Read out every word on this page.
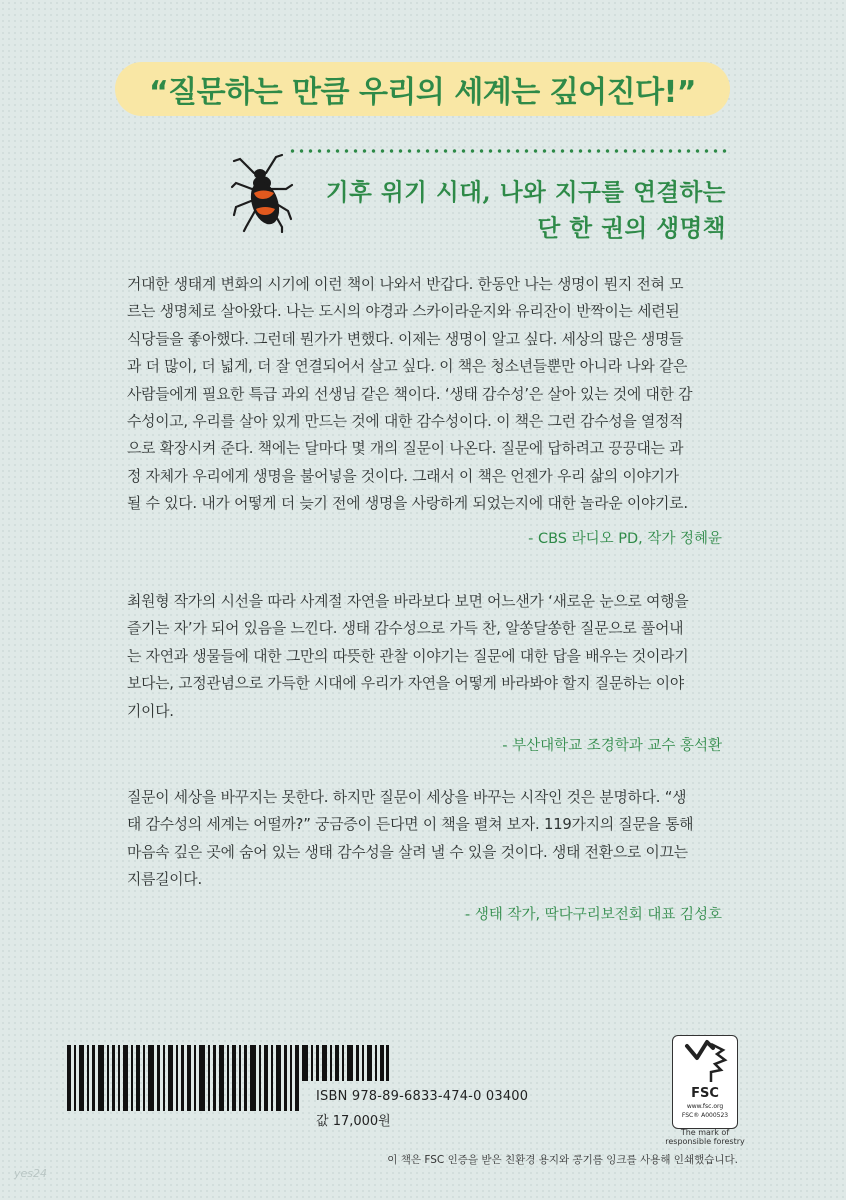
“질문하는 만큼 우리의 세계는 깊어진다!”
기후 위기 시대, 나와 지구를 연결하는
단 한 권의 생명책
거대한 생태계 변화의 시기에 이런 책이 나와서 반갑다. 한동안 나는 생명이 뭔지 전혀 모
르는 생명체로 살아왔다. 나는 도시의 야경과 스카이라운지와 유리잔이 반짝이는 세련된
식당들을 좋아했다. 그런데 뭔가가 변했다. 이제는 생명이 알고 싶다. 세상의 많은 생명들
과 더 많이, 더 넓게, 더 잘 연결되어서 살고 싶다. 이 책은 청소년들뿐만 아니라 나와 같은
사람들에게 필요한 특급 과외 선생님 같은 책이다. ‘생태 감수성’은 살아 있는 것에 대한 감
수성이고, 우리를 살아 있게 만드는 것에 대한 감수성이다. 이 책은 그런 감수성을 열정적
으로 확장시켜 준다. 책에는 달마다 몇 개의 질문이 나온다. 질문에 답하려고 끙끙대는 과
정 자체가 우리에게 생명을 불어넣을 것이다. 그래서 이 책은 언젠가 우리 삶의 이야기가
될 수 있다. 내가 어떻게 더 늦기 전에 생명을 사랑하게 되었는지에 대한 놀라운 이야기로.
- CBS 라디오 PD, 작가 정혜윤
최원형 작가의 시선을 따라 사계절 자연을 바라보다 보면 어느샌가 ‘새로운 눈으로 여행을
즐기는 자’가 되어 있음을 느낀다. 생태 감수성으로 가득 찬, 알쏭달쏭한 질문으로 풀어내
는 자연과 생물들에 대한 그만의 따뜻한 관찰 이야기는 질문에 대한 답을 배우는 것이라기
보다는, 고정관념으로 가득한 시대에 우리가 자연을 어떻게 바라봐야 할지 질문하는 이야
기이다.
- 부산대학교 조경학과 교수 홍석환
질문이 세상을 바꾸지는 못한다. 하지만 질문이 세상을 바꾸는 시작인 것은 분명하다. “생
태 감수성의 세계는 어떨까?” 궁금증이 든다면 이 책을 펼쳐 보자. 119가지의 질문을 통해
마음속 깊은 곳에 숨어 있는 생태 감수성을 살려 낼 수 있을 것이다. 생태 전환으로 이끄는
지름길이다.
- 생태 작가, 딱다구리보전회 대표 김성호
ISBN 978-89-6833-474-0 03400
값 17,000원
FSC
www.fsc.org
FSC® A000523
The mark of
responsible forestry
이 책은 FSC 인증을 받은 친환경 용지와 콩기름 잉크를 사용해 인쇄했습니다.
yes24
